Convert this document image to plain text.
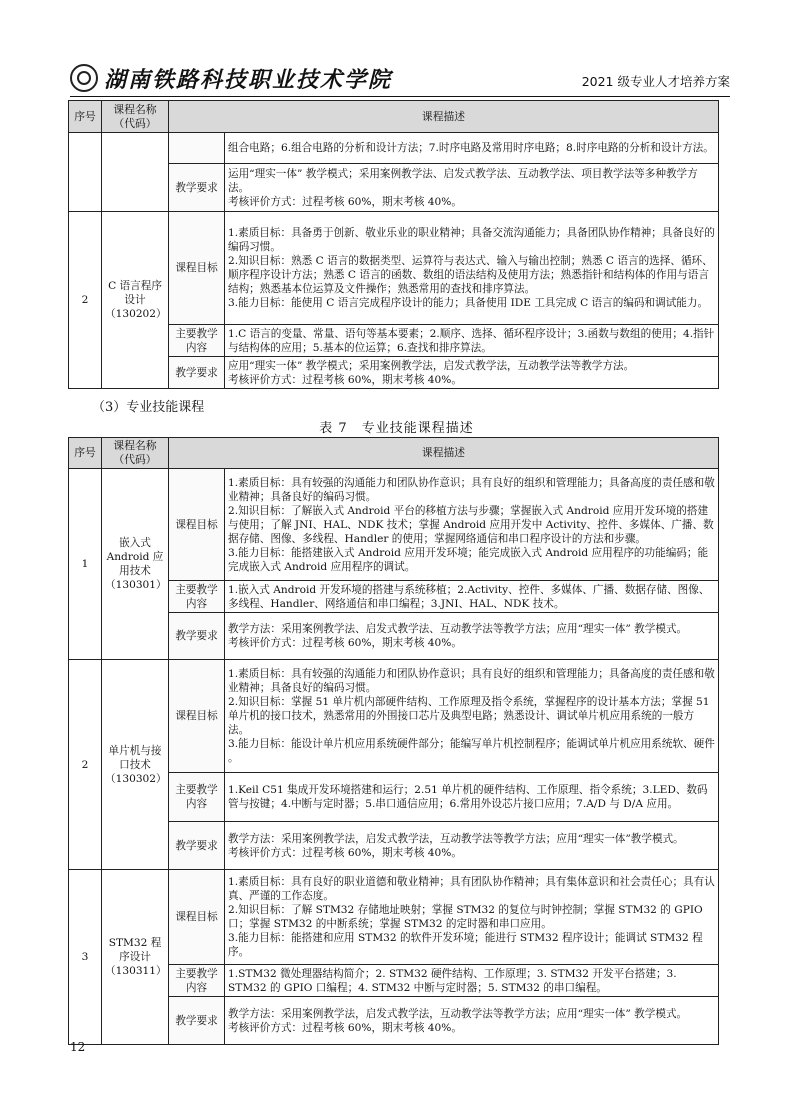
湖南铁路科技职业技术学院	2021 级专业人才培养方案
序号	课程名称（代码）	课程描述	
			组合电路；6.组合电路的分析和设计方法；7.时序电路及常用时序电路；8.时序电路的分析和设计方法。
		教学要求	运用“理实一体” 教学模式；采用案例教学法、启发式教学法、互动教学法、项目教学法等多种教学方法。
考核评价方式：过程考核 60%，期末考核 40%。

2	C 语言程序设计（130202）	课程目标	1.素质目标：具备勇于创新、敬业乐业的职业精神；具备交流沟通能力；具备团队协作精神；具备良好的编码习惯。
2.知识目标：熟悉 C 语言的数据类型、运算符与表达式、输入与输出控制；熟悉 C 语言的选择、循环、顺序程序设计方法；熟悉 C 语言的函数、数组的语法结构及使用方法；熟悉指针和结构体的作用与语言结构；熟悉基本位运算及文件操作；熟悉常用的查找和排序算法。
3.能力目标：能使用 C 语言完成程序设计的能力；具备使用 IDE 工具完成 C 语言的编码和调试能力。

		主要教学内容	1.C 语言的变量、常量、语句等基本要素；2.顺序、选择、循环程序设计；3.函数与数组的使用；4.指针与结构体的应用；5.基本的位运算；6.查找和排序算法。

		教学要求	应用“理实一体” 教学模式；采用案例教学法，启发式教学法，互动教学法等教学方法。
考核评价方式：过程考核 60%，期末考核 40%。
（3）专业技能课程
表 7　专业技能课程描述
序号	课程名称（代码）	课程描述	
1	嵌入式 Android 应用技术（130301）	课程目标	1.素质目标：具有较强的沟通能力和团队协作意识；具有良好的组织和管理能力；具备高度的责任感和敬业精神；具备良好的编码习惯。
2.知识目标：了解嵌入式 Android 平台的移植方法与步骤；掌握嵌入式 Android 应用开发环境的搭建与使用；了解 JNI、HAL、NDK 技术；掌握 Android 应用开发中 Activity、控件、多媒体、广播、数据存储、图像、多线程、Handler 的使用；掌握网络通信和串口程序设计的方法和步骤。
3.能力目标：能搭建嵌入式 Android 应用开发环境；能完成嵌入式 Android 应用程序的功能编码；能完成嵌入式 Android 应用程序的调试。

		主要教学内容	1.嵌入式 Android 开发环境的搭建与系统移植；2.Activity、控件、多媒体、广播、数据存储、图像、多线程、Handler、网络通信和串口编程；3.JNI、HAL、NDK 技术。

		教学要求	教学方法：采用案例教学法、启发式教学法、互动教学法等教学方法；应用“理实一体” 教学模式。
考核评价方式：过程考核 60%，期末考核 40%。

2	单片机与接口技术（130302）	课程目标	1.素质目标：具有较强的沟通能力和团队协作意识；具有良好的组织和管理能力；具备高度的责任感和敬业精神；具备良好的编码习惯。
2.知识目标：掌握 51 单片机内部硬件结构、工作原理及指令系统，掌握程序的设计基本方法；掌握 51 单片机的接口技术，熟悉常用的外围接口芯片及典型电路；熟悉设计、调试单片机应用系统的一般方法。
3.能力目标：能设计单片机应用系统硬件部分；能编写单片机控制程序；能调试单片机应用系统软、硬件 。

		主要教学内容	1.Keil C51 集成开发环境搭建和运行；2.51 单片机的硬件结构、工作原理、指令系统；3.LED、数码管与按键；4.中断与定时器；5.串口通信应用；6.常用外设芯片接口应用；7.A/D 与 D/A 应用。

		教学要求	教学方法：采用案例教学法，启发式教学法，互动教学法等教学方法；应用“理实一体”教学模式。
考核评价方式：过程考核 60%，期末考核 40%。

3	STM32 程序设计（130311）	课程目标	1.素质目标：具有良好的职业道德和敬业精神；具有团队协作精神；具有集体意识和社会责任心；具有认真、严谨的工作态度。
2.知识目标：了解 STM32 存储地址映射；掌握 STM32 的复位与时钟控制；掌握 STM32 的 GPIO 口；掌握 STM32 的中断系统；掌握 STM32 的定时器和串口应用。
3.能力目标：能搭建和应用 STM32 的软件开发环境；能进行 STM32 程序设计；能调试 STM32 程序。

		主要教学内容	1.STM32 微处理器结构简介；2. STM32 硬件结构、工作原理；3. STM32 开发平台搭建；3. STM32 的 GPIO 口编程；4. STM32 中断与定时器；5. STM32 的串口编程。

		教学要求	教学方法：采用案例教学法，启发式教学法，互动教学法等教学方法；应用“理实一体” 教学模式。
考核评价方式：过程考核 60%，期末考核 40%。
12
